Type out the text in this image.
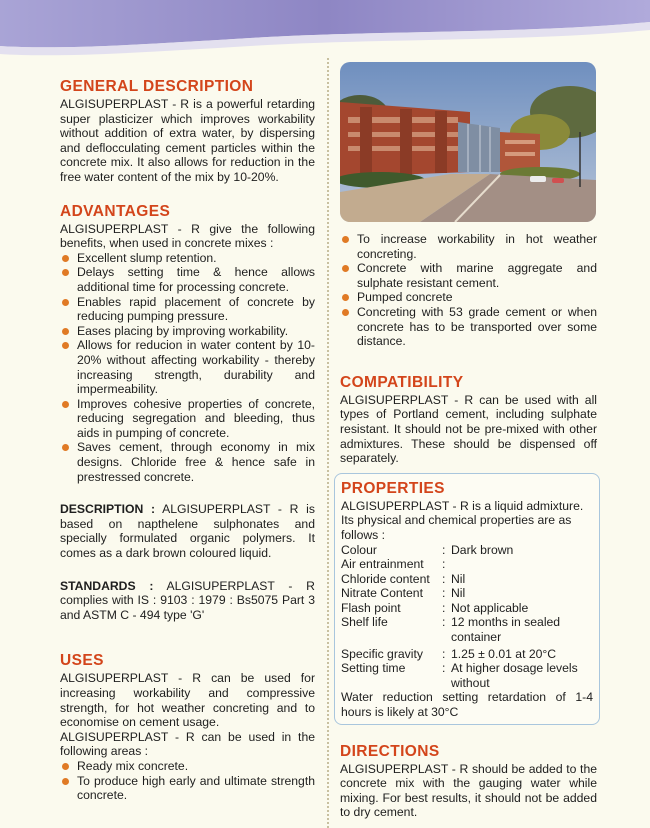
GENERAL DESCRIPTION

ALGISUPERPLAST - R is a powerful retarding super plasticizer which improves workability without addition of extra water, by dispersing and deflocculating cement particles within the concrete mix. It also allows for reduction in the free water content of the mix by 10-20%.

ADVANTAGES

ALGISUPERPLAST - R give the following benefits, when used in concrete mixes :

Excellent slump retention.
Delays setting time & hence allows additional time for processing concrete.
Enables rapid placement of concrete by reducing pumping pressure.
Eases placing by improving workability.
Allows for reducion in water content by 10-20% without affecting workability - thereby increasing strength, durability and impermeability.
Improves cohesive properties of concrete, reducing segregation and bleeding, thus aids in pumping of concrete.
Saves cement, through economy in mix designs. Chloride free & hence safe in prestressed concrete.

DESCRIPTION : ALGISUPERPLAST - R is based on napthelene sulphonates and specially formulated organic polymers. It comes as a dark brown coloured liquid.

STANDARDS : ALGISUPERPLAST - R complies with IS : 9103 : 1979 : Bs5075 Part 3 and ASTM C - 494 type 'G'

USES

ALGISUPERPLAST - R can be used for increasing workability and compressive strength, for hot weather concreting and to economise on cement usage.

ALGISUPERPLAST - R can be used in the following areas :

Ready mix concrete.
To produce high early and ultimate strength concrete.
To increase workability in hot weather concreting.
Concrete with marine aggregate and sulphate resistant cement.
Pumped concrete
Concreting with 53 grade cement or when concrete has to be transported over some distance.
COMPATIBILITY

ALGISUPERPLAST - R can be used with all types of Portland cement, including sulphate resistant. It should not be pre-mixed with other admixtures. These should be dispensed off separately.

PROPERTIES

ALGISUPERPLAST - R is a liquid admixture. Its physical and chemical properties are as follows :

Colour	: Dark brown
Air entrainment	:
Chloride content	: Nil
Nitrate Content	: Nil
Flash point	: Not applicable
Shelf life	: 12 months in sealed container
Specific gravity	: 1.25 ± 0.01 at 20°C
Setting time	: At higher dosage levels without

Water reduction setting retardation of 1-4 hours is likely at 30°C

DIRECTIONS

ALGISUPERPLAST - R should be added to the concrete mix with the gauging water while mixing. For best results, it should not be added to dry cement.
